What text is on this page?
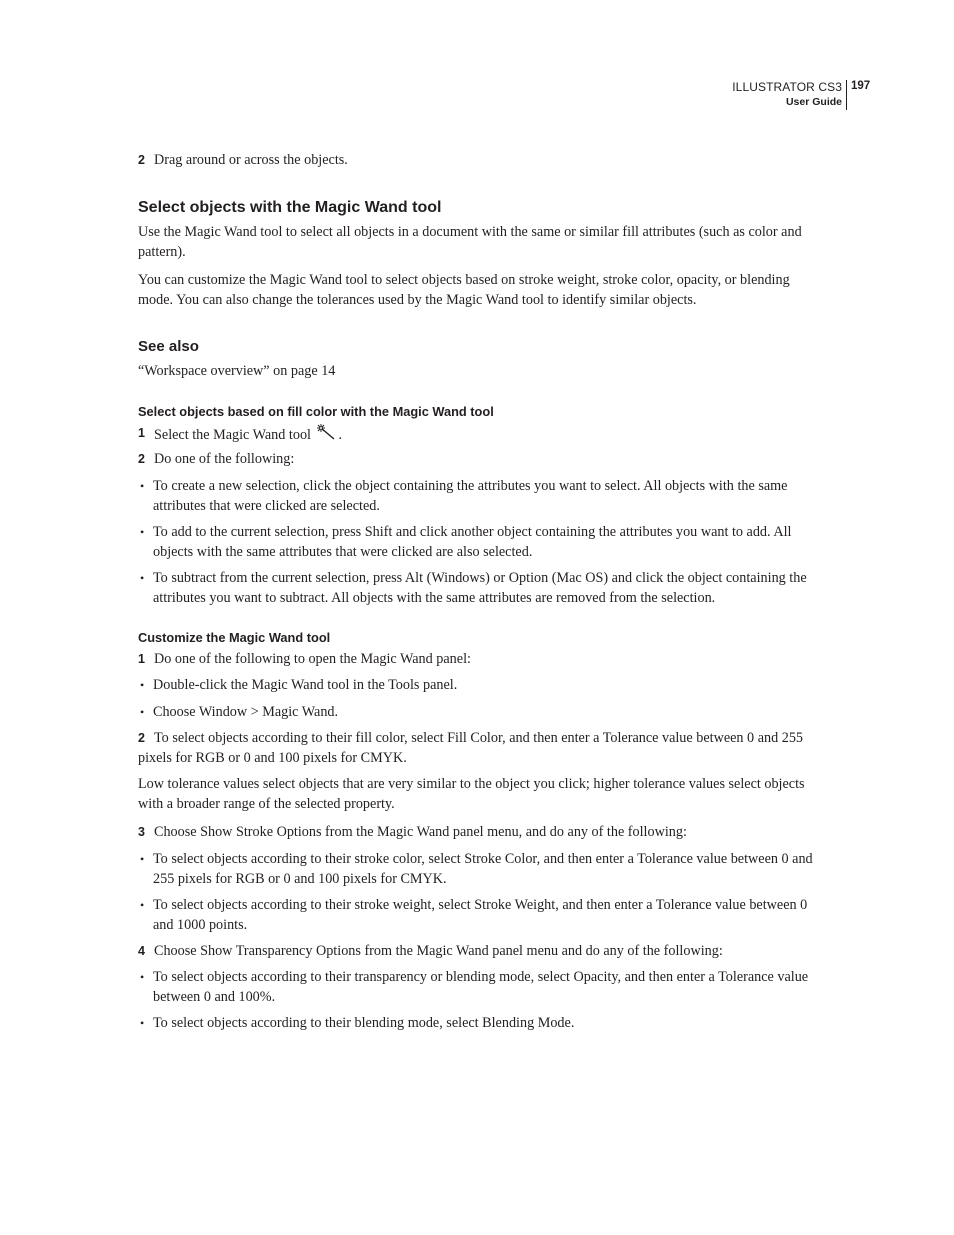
ILLUSTRATOR CS3
User Guide
197
2 Drag around or across the objects.
Select objects with the Magic Wand tool
Use the Magic Wand tool to select all objects in a document with the same or similar fill attributes (such as color and pattern).
You can customize the Magic Wand tool to select objects based on stroke weight, stroke color, opacity, or blending mode. You can also change the tolerances used by the Magic Wand tool to identify similar objects.
See also
“Workspace overview” on page 14
Select objects based on fill color with the Magic Wand tool
1 Select the Magic Wand tool .
2 Do one of the following:
• To create a new selection, click the object containing the attributes you want to select. All objects with the same attributes that were clicked are selected.
• To add to the current selection, press Shift and click another object containing the attributes you want to add. All objects with the same attributes that were clicked are also selected.
• To subtract from the current selection, press Alt (Windows) or Option (Mac OS) and click the object containing the attributes you want to subtract. All objects with the same attributes are removed from the selection.
Customize the Magic Wand tool
1 Do one of the following to open the Magic Wand panel:
• Double-click the Magic Wand tool in the Tools panel.
• Choose Window > Magic Wand.
2 To select objects according to their fill color, select Fill Color, and then enter a Tolerance value between 0 and 255 pixels for RGB or 0 and 100 pixels for CMYK.
Low tolerance values select objects that are very similar to the object you click; higher tolerance values select objects with a broader range of the selected property.
3 Choose Show Stroke Options from the Magic Wand panel menu, and do any of the following:
• To select objects according to their stroke color, select Stroke Color, and then enter a Tolerance value between 0 and 255 pixels for RGB or 0 and 100 pixels for CMYK.
• To select objects according to their stroke weight, select Stroke Weight, and then enter a Tolerance value between 0 and 1000 points.
4 Choose Show Transparency Options from the Magic Wand panel menu and do any of the following:
• To select objects according to their transparency or blending mode, select Opacity, and then enter a Tolerance value between 0 and 100%.
• To select objects according to their blending mode, select Blending Mode.
